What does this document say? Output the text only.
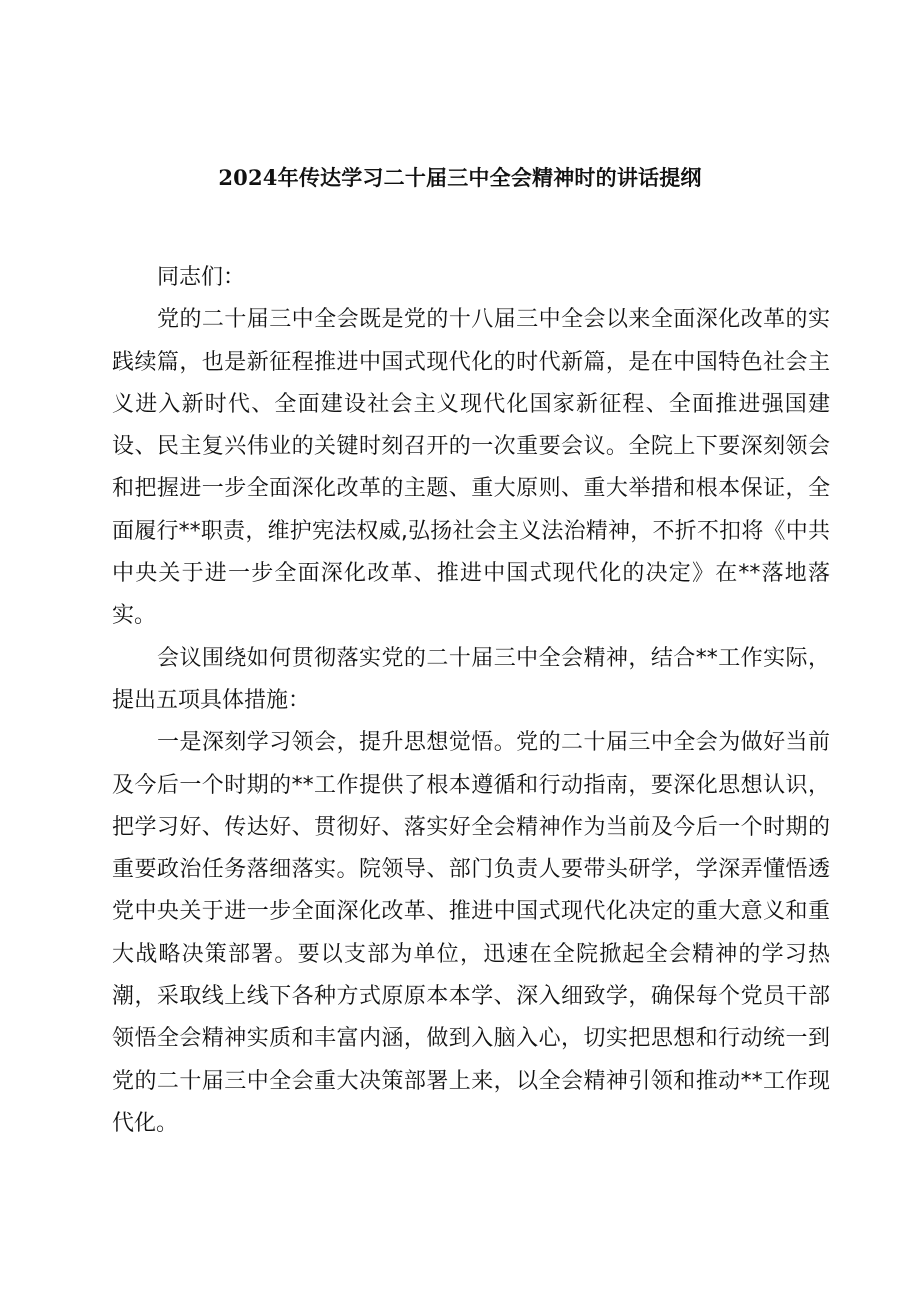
2024年传达学习二十届三中全会精神时的讲话提纲

同志们：

党的二十届三中全会既是党的十八届三中全会以来全面深化改革的实践续篇，也是新征程推进中国式现代化的时代新篇，是在中国特色社会主义进入新时代、全面建设社会主义现代化国家新征程、全面推进强国建设、民主复兴伟业的关键时刻召开的一次重要会议。全院上下要深刻领会和把握进一步全面深化改革的主题、重大原则、重大举措和根本保证，全面履行**职责，维护宪法权威,弘扬社会主义法治精神，不折不扣将《中共中央关于进一步全面深化改革、推进中国式现代化的决定》在**落地落实。

会议围绕如何贯彻落实党的二十届三中全会精神，结合**工作实际，提出五项具体措施：

一是深刻学习领会，提升思想觉悟。党的二十届三中全会为做好当前及今后一个时期的**工作提供了根本遵循和行动指南，要深化思想认识，把学习好、传达好、贯彻好、落实好全会精神作为当前及今后一个时期的重要政治任务落细落实。院领导、部门负责人要带头研学，学深弄懂悟透党中央关于进一步全面深化改革、推进中国式现代化决定的重大意义和重大战略决策部署。要以支部为单位，迅速在全院掀起全会精神的学习热潮，采取线上线下各种方式原原本本学、深入细致学，确保每个党员干部领悟全会精神实质和丰富内涵，做到入脑入心，切实把思想和行动统一到党的二十届三中全会重大决策部署上来，以全会精神引领和推动**工作现代化。
